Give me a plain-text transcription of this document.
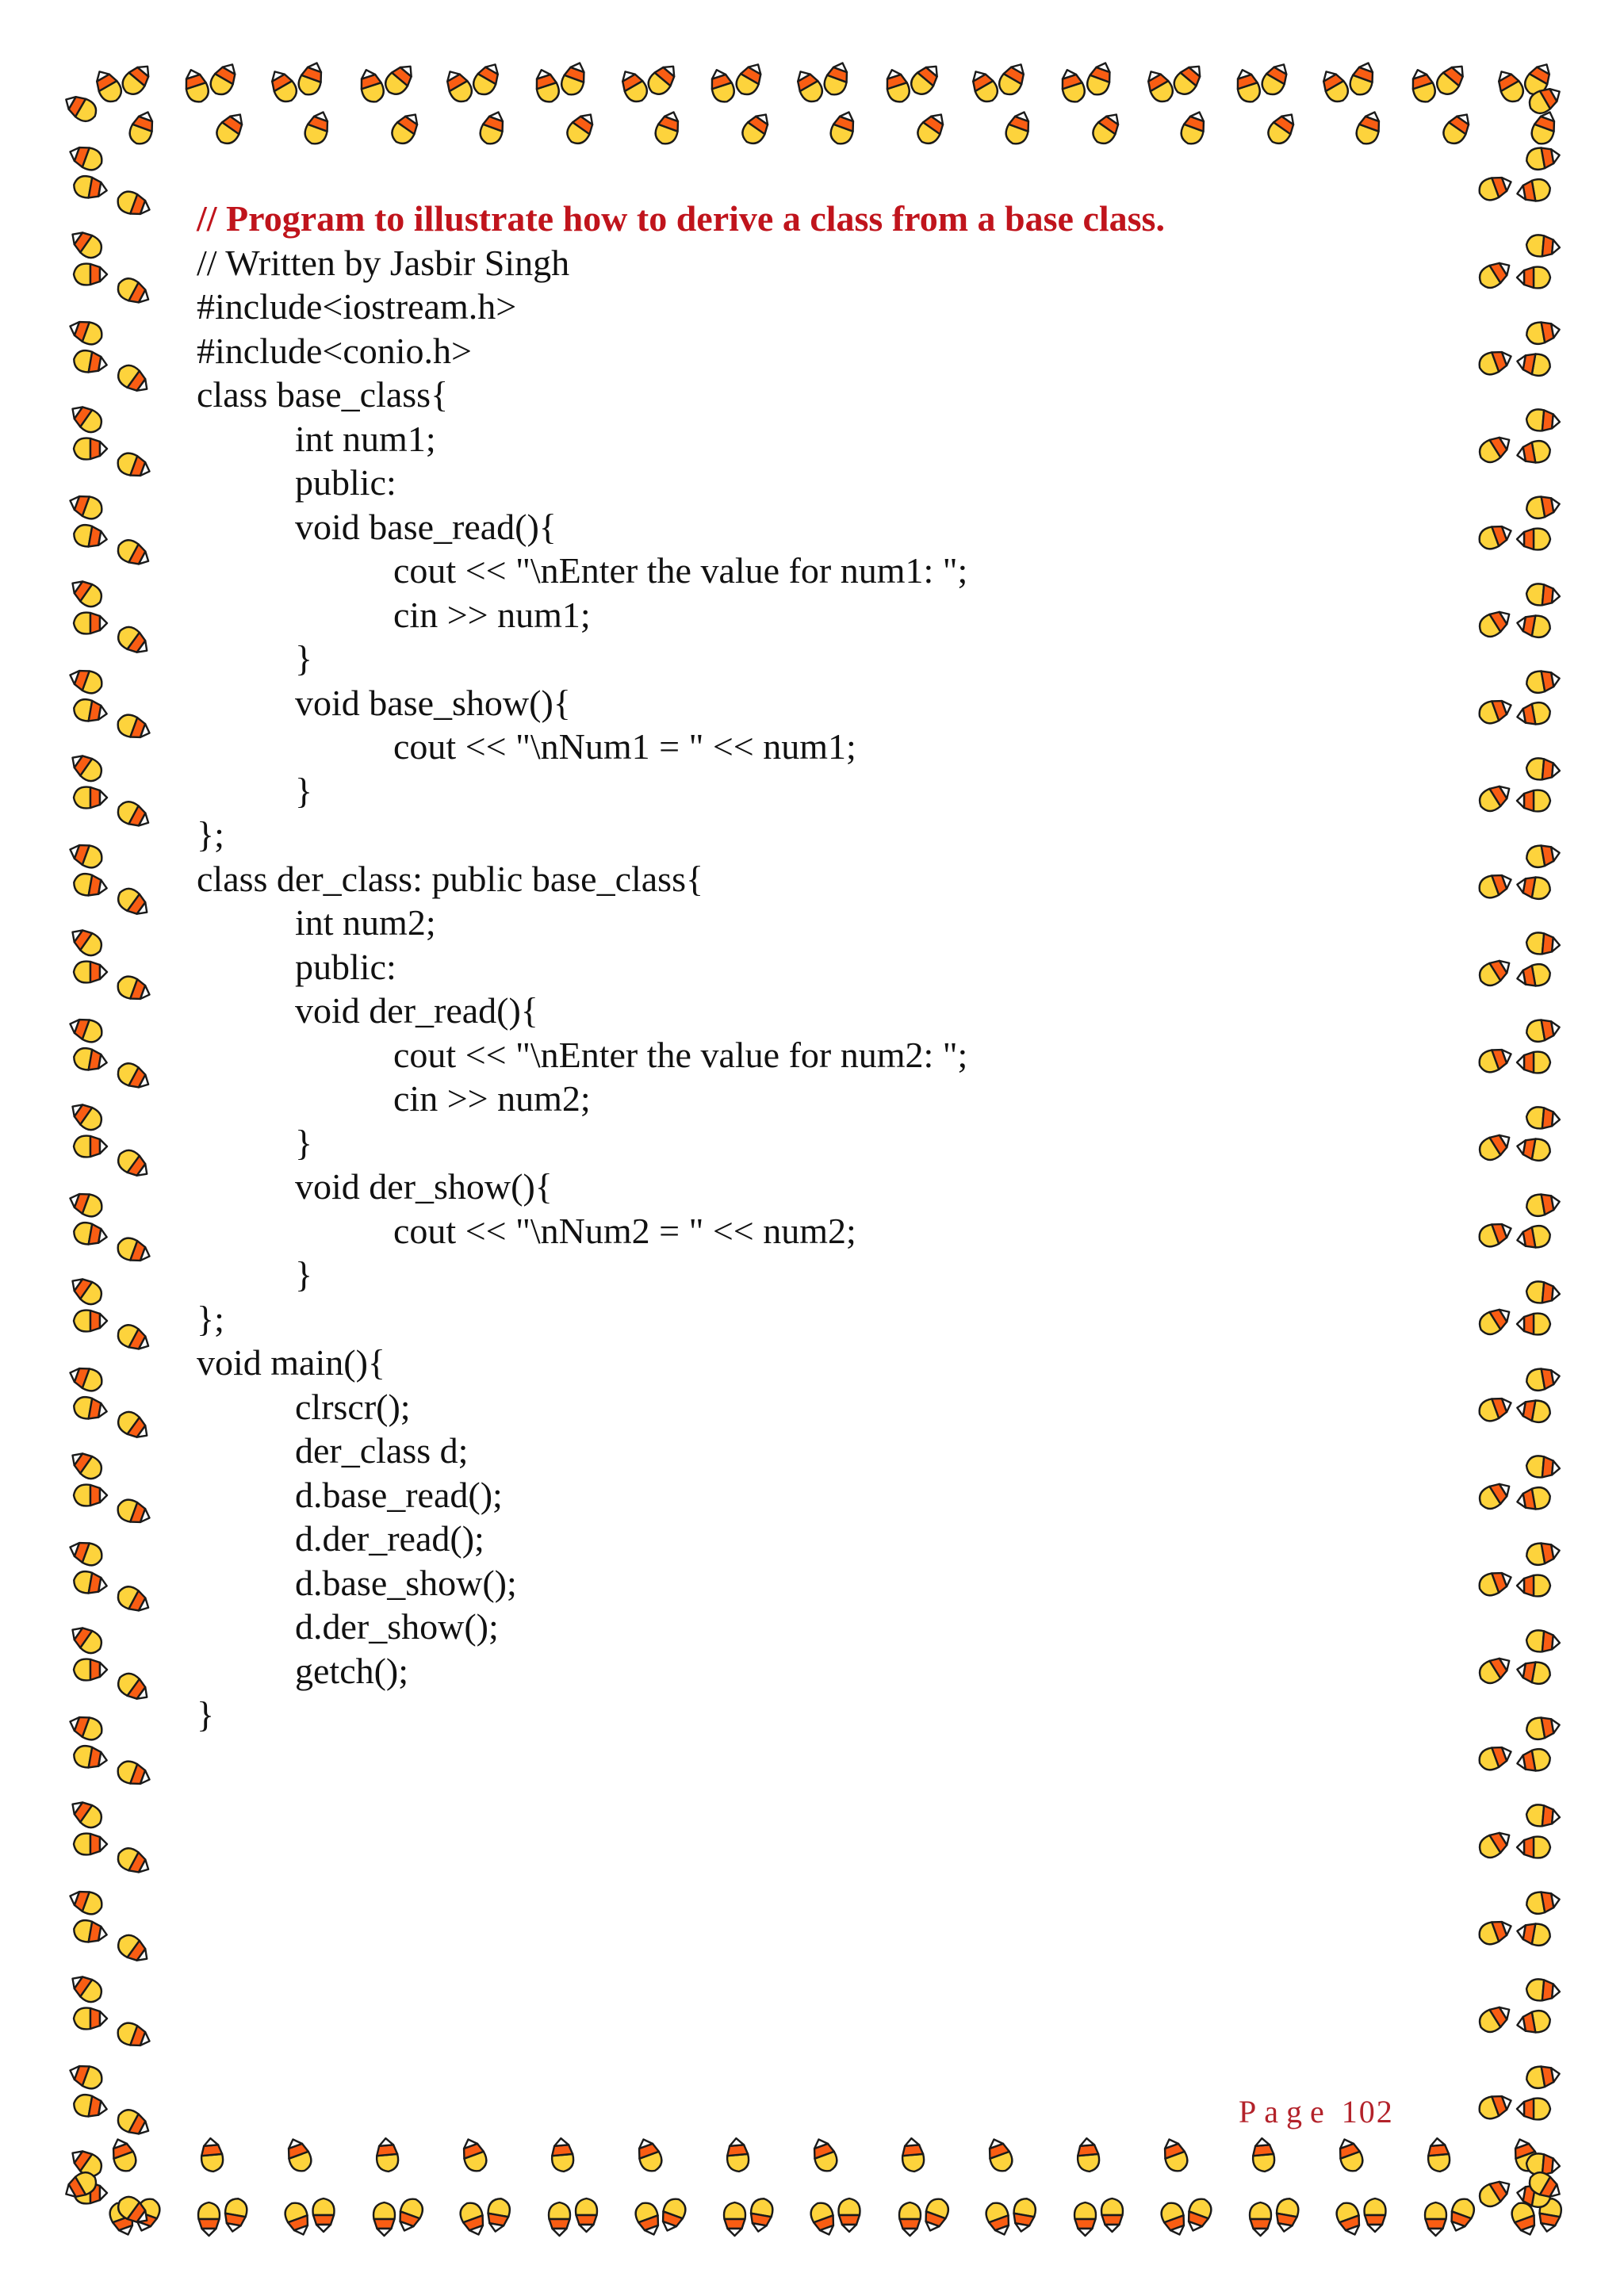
// Program to illustrate how to derive a class from a base class.
// Written by Jasbir Singh
#include<iostream.h>
#include<conio.h>
class base_class{
int num1;
public:
void base_read(){
cout << "\nEnter the value for num1: ";
cin >> num1;
}
void base_show(){
cout << "\nNum1 = " << num1;
}
};
class der_class: public base_class{
int num2;
public:
void der_read(){
cout << "\nEnter the value for num2: ";
cin >> num2;
}
void der_show(){
cout << "\nNum2 = " << num2;
}
};
void main(){
clrscr();
der_class d;
d.base_read();
d.der_read();
d.base_show();
d.der_show();
getch();
}
Page 102
